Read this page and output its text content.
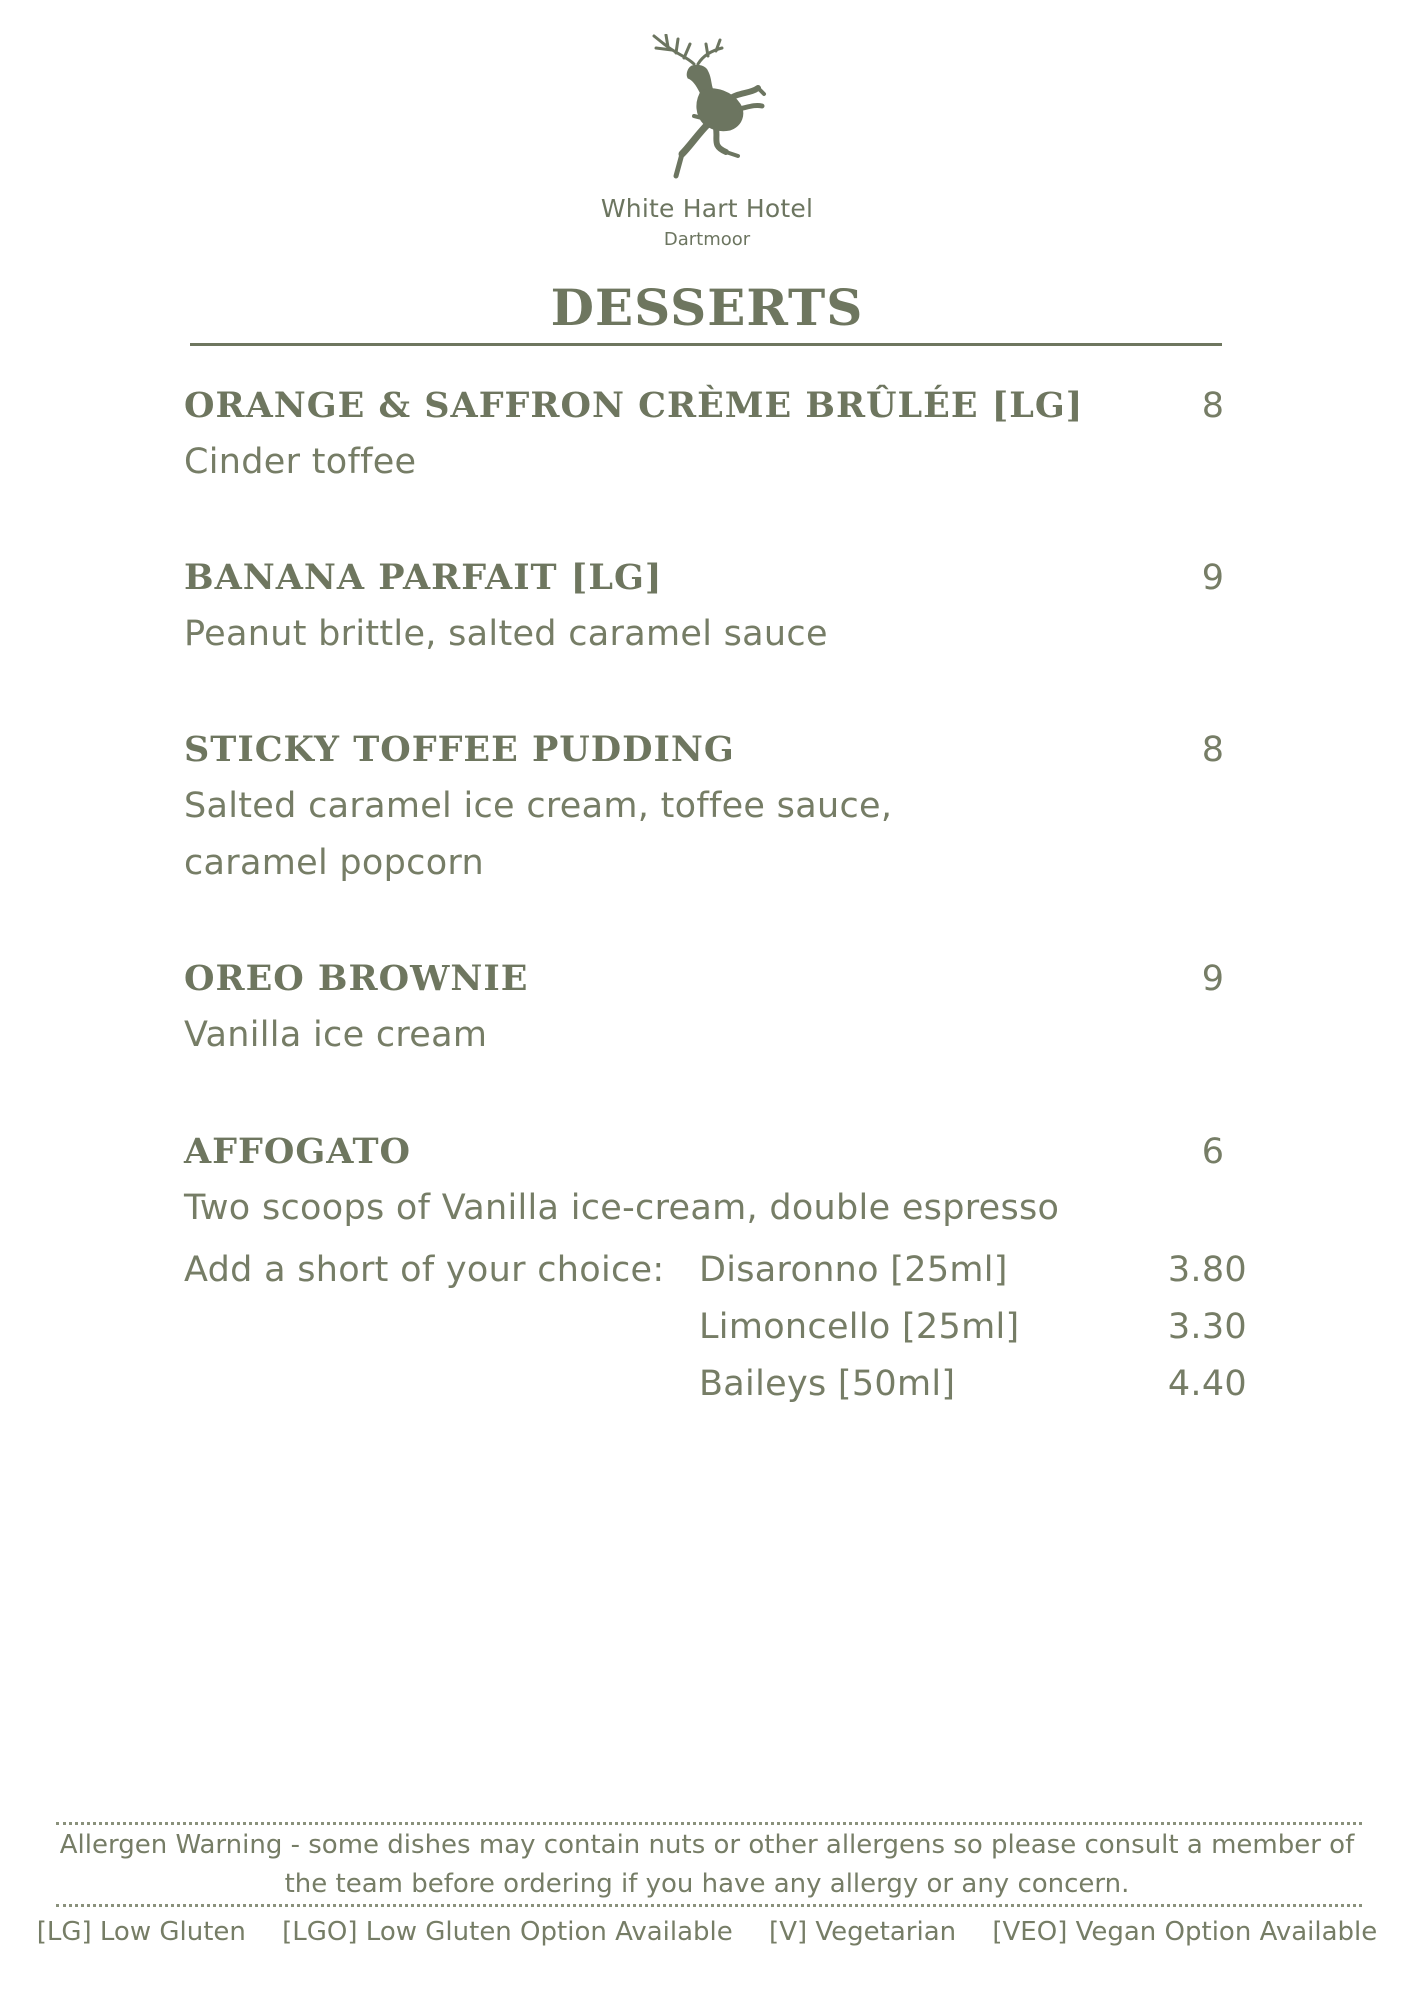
White Hart Hotel
Dartmoor
DESSERTS
ORANGE & SAFFRON CRÈME BRÛLÉE [LG]	8
Cinder toffee
BANANA PARFAIT [LG]	9
Peanut brittle, salted caramel sauce
STICKY TOFFEE PUDDING	8
Salted caramel ice cream, toffee sauce,
caramel popcorn
OREO BROWNIE	9
Vanilla ice cream
AFFOGATO	6
Two scoops of Vanilla ice-cream, double espresso
Add a short of your choice: Disaronno [25ml]	3.80
Limoncello [25ml]	3.30
Baileys [50ml]	4.40
Allergen Warning - some dishes may contain nuts or other allergens so please consult a member of
the team before ordering if you have any allergy or any concern.
[LG] Low Gluten [LGO] Low Gluten Option Available [V] Vegetarian [VEO] Vegan Option Available
